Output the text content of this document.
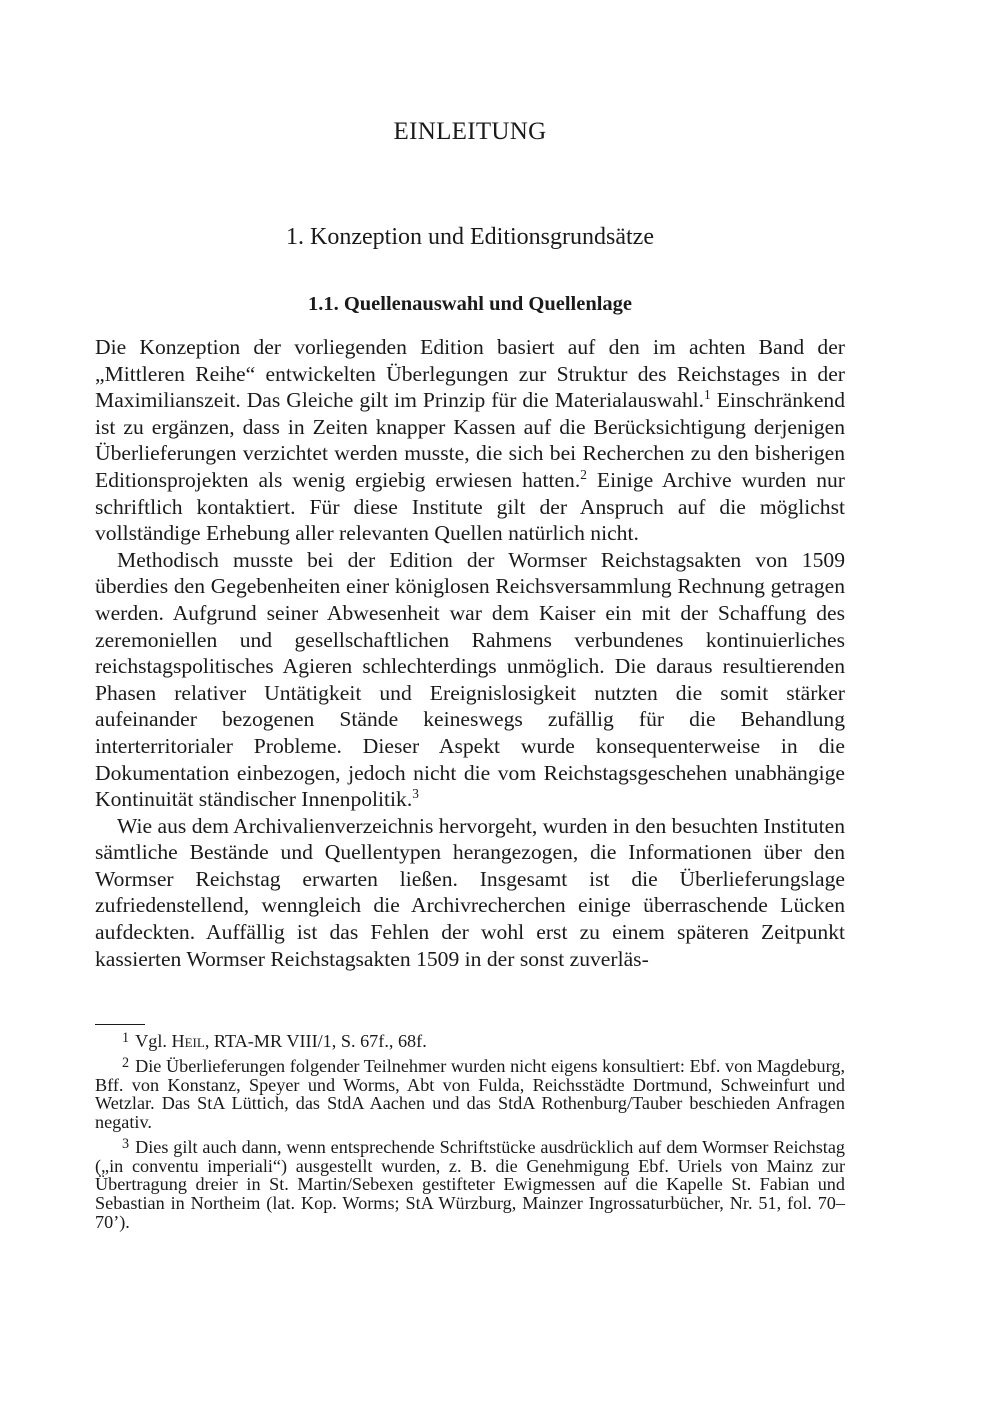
EINLEITUNG
1. Konzeption und Editionsgrundsätze
1.1. Quellenauswahl und Quellenlage

Die Konzeption der vorliegenden Edition basiert auf den im achten Band der „Mittleren Reihe“ entwickelten Überlegungen zur Struktur des Reichstages in der Maximilianszeit. Das Gleiche gilt im Prinzip für die Materialauswahl.$^1$ Einschränkend ist zu ergänzen, dass in Zeiten knapper Kassen auf die Berücksichtigung derjenigen Überlieferungen verzichtet werden musste, die sich bei Recherchen zu den bisherigen Editionsprojekten als wenig ergiebig erwiesen hatten.$^2$ Einige Archive wurden nur schriftlich kontaktiert. Für diese Institute gilt der Anspruch auf die möglichst vollständige Erhebung aller relevanten Quellen natürlich nicht.

Methodisch musste bei der Edition der Wormser Reichstagsakten von 1509 überdies den Gegebenheiten einer königlosen Reichsversammlung Rechnung getragen werden. Aufgrund seiner Abwesenheit war dem Kaiser ein mit der Schaffung des zeremoniellen und gesellschaftlichen Rahmens verbundenes kontinuierliches reichstagspolitisches Agieren schlechterdings unmöglich. Die daraus resultierenden Phasen relativer Untätigkeit und Ereignislosigkeit nutzten die somit stärker aufeinander bezogenen Stände keineswegs zufällig für die Behandlung interterritorialer Probleme. Dieser Aspekt wurde konsequenterweise in die Dokumentation einbezogen, jedoch nicht die vom Reichstagsgeschehen unabhängige Kontinuität ständischer Innenpolitik.$^3$

Wie aus dem Archivalienverzeichnis hervorgeht, wurden in den besuchten Instituten sämtliche Bestände und Quellentypen herangezogen, die Informationen über den Wormser Reichstag erwarten ließen. Insgesamt ist die Überlieferungslage zufriedenstellend, wenngleich die Archivrecherchen einige überraschende Lücken aufdeckten. Auffällig ist das Fehlen der wohl erst zu einem späteren Zeitpunkt kassierten Wormser Reichstagsakten 1509 in der sonst zuverläs-

$^1$ Vgl. Heil, RTA-MR VIII/1, S. 67f., 68f.

$^2$ Die Überlieferungen folgender Teilnehmer wurden nicht eigens konsultiert: Ebf. von Magdeburg, Bff. von Konstanz, Speyer und Worms, Abt von Fulda, Reichsstädte Dortmund, Schweinfurt und Wetzlar. Das StA Lüttich, das StdA Aachen und das StdA Rothenburg/Tauber beschieden Anfragen negativ.

$^3$ Dies gilt auch dann, wenn entsprechende Schriftstücke ausdrücklich auf dem Wormser Reichstag („in conventu imperiali“) ausgestellt wurden, z. B. die Genehmigung Ebf. Uriels von Mainz zur Übertragung dreier in St. Martin/Sebexen gestifteter Ewigmessen auf die Kapelle St. Fabian und Sebastian in Northeim (lat. Kop. Worms; StA Würzburg, Mainzer Ingrossaturbücher, Nr. 51, fol. 70–70’).
